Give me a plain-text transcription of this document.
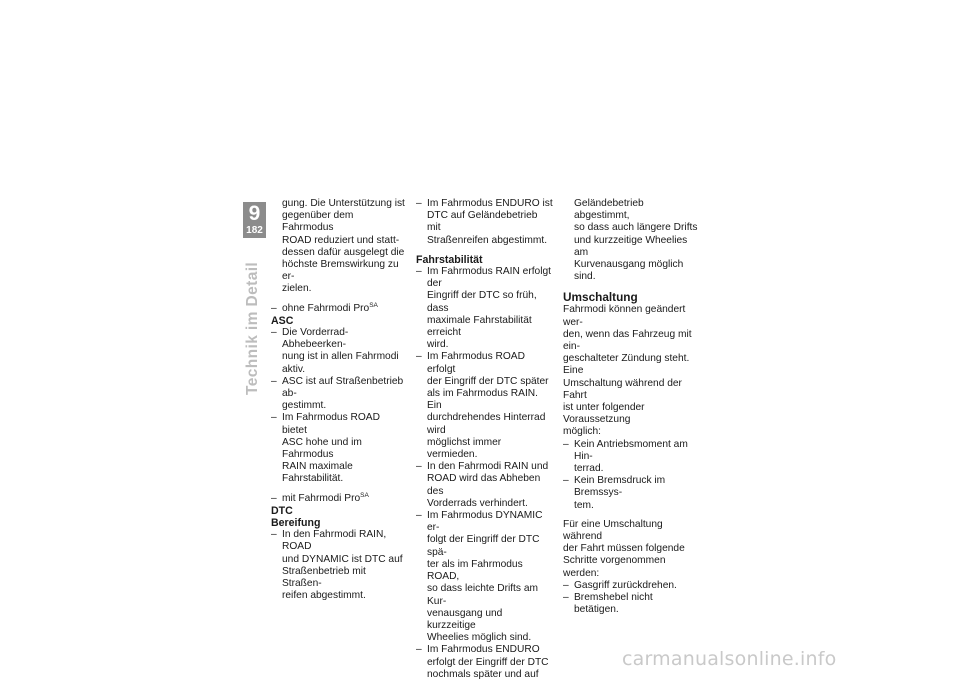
9
182
Technik im Detail

gung. Die Unterstützung ist
gegenüber dem Fahrmodus
ROAD reduziert und statt-
dessen dafür ausgelegt die
höchste Bremswirkung zu er-
zielen.

– ohne Fahrmodi Pro$^{SA}$

ASC

– Die Vorderrad-Abhebeerken-
nung ist in allen Fahrmodi aktiv.

– ASC ist auf Straßenbetrieb ab-
gestimmt.

– Im Fahrmodus ROAD bietet
ASC hohe und im Fahrmodus
RAIN maximale Fahrstabilität.

– mit Fahrmodi Pro$^{SA}$

DTC

Bereifung

– In den Fahrmodi RAIN, ROAD
und DYNAMIC ist DTC auf
Straßenbetrieb mit Straßen-
reifen abgestimmt.

– Im Fahrmodus ENDURO ist
DTC auf Geländebetrieb mit
Straßenreifen abgestimmt.

Fahrstabilität

– Im Fahrmodus RAIN erfolgt der
Eingriff der DTC so früh, dass
maximale Fahrstabilität erreicht
wird.

– Im Fahrmodus ROAD erfolgt
der Eingriff der DTC später
als im Fahrmodus RAIN. Ein
durchdrehendes Hinterrad wird
möglichst immer vermieden.

– In den Fahrmodi RAIN und
ROAD wird das Abheben des
Vorderrads verhindert.

– Im Fahrmodus DYNAMIC er-
folgt der Eingriff der DTC spä-
ter als im Fahrmodus ROAD,
so dass leichte Drifts am Kur-
venausgang und kurzzeitige
Wheelies möglich sind.

– Im Fahrmodus ENDURO
erfolgt der Eingriff der DTC
nochmals später und auf

Geländebetrieb abgestimmt,
so dass auch längere Drifts
und kurzzeitige Wheelies am
Kurvenausgang möglich sind.

Umschaltung

Fahrmodi können geändert wer-
den, wenn das Fahrzeug mit ein-
geschalteter Zündung steht. Eine
Umschaltung während der Fahrt
ist unter folgender Voraussetzung
möglich:

– Kein Antriebsmoment am Hin-
terrad.

– Kein Bremsdruck im Bremssys-
tem.

Für eine Umschaltung während
der Fahrt müssen folgende
Schritte vorgenommen werden:

– Gasgriff zurückdrehen.

– Bremshebel nicht betätigen.

carmanualsonline.info
